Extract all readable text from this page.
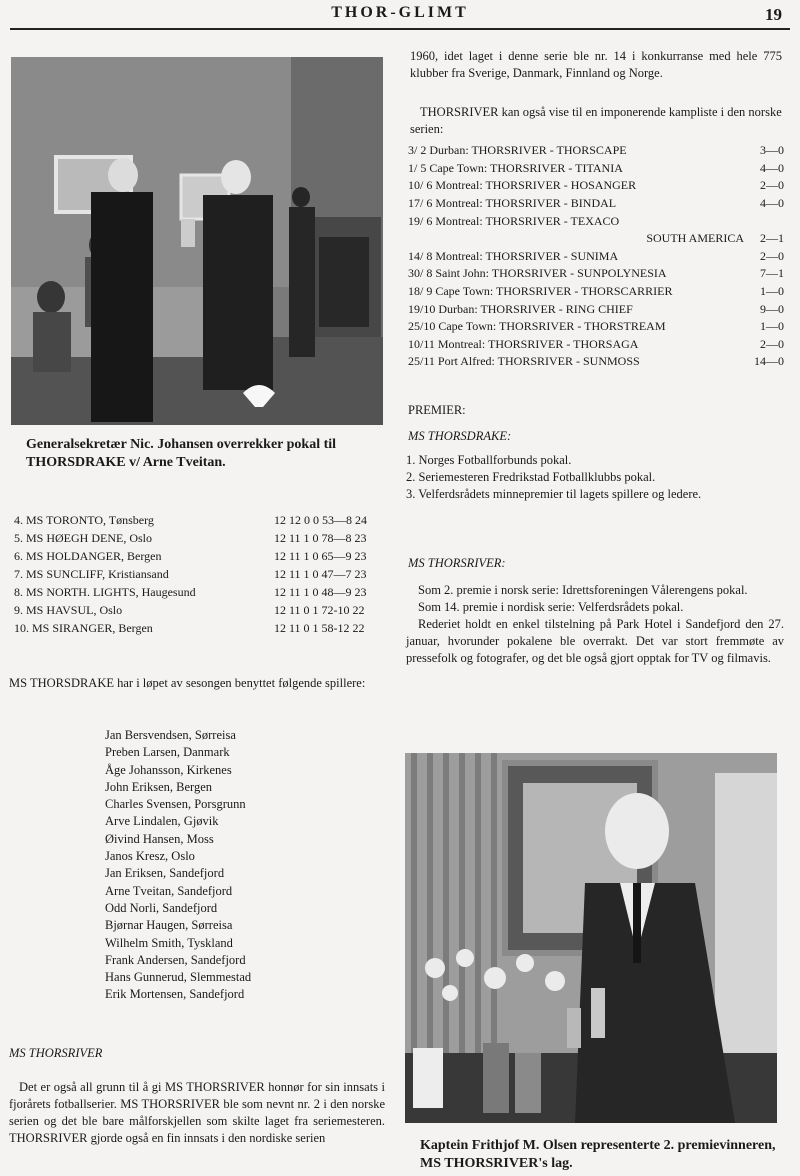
THOR-GLIMT	19
Generalsekretær Nic. Johansen overrekker pokal til THORSDRAKE v/ Arne Tveitan.
4. MS TORONTO, Tønsberg	12 12 0 0 53—8 24
5. MS HØEGH DENE, Oslo	12 11 1 0 78—8 23
6. MS HOLDANGER, Bergen	12 11 1 0 65—9 23
7. MS SUNCLIFF, Kristiansand	12 11 1 0 47—7 23
8. MS NORTH. LIGHTS, Haugesund	12 11 1 0 48—9 23
9. MS HAVSUL, Oslo	12 11 0 1 72-10 22
10. MS SIRANGER, Bergen	12 11 0 1 58-12 22
MS THORSDRAKE har i løpet av sesongen benyttet følgende spillere:
Jan Bersvendsen, Sørreisa
Preben Larsen, Danmark
Åge Johansson, Kirkenes
John Eriksen, Bergen
Charles Svensen, Porsgrunn
Arve Lindalen, Gjøvik
Øivind Hansen, Moss
Janos Kresz, Oslo
Jan Eriksen, Sandefjord
Arne Tveitan, Sandefjord
Odd Norli, Sandefjord
Bjørnar Haugen, Sørreisa
Wilhelm Smith, Tyskland
Frank Andersen, Sandefjord
Hans Gunnerud, Slemmestad
Erik Mortensen, Sandefjord
MS THORSRIVER
Det er også all grunn til å gi MS THORSRIVER honnør for sin innsats i fjorårets fotballserier. MS THORSRIVER ble som nevnt nr. 2 i den norske serien og det ble bare målforskjellen som skilte laget fra seriemesteren. THORSRIVER gjorde også en fin innsats i den nordiske serien
1960, idet laget i denne serie ble nr. 14 i konkurranse med hele 775 klubber fra Sverige, Danmark, Finnland og Norge.
THORSRIVER kan også vise til en imponerende kampliste i den norske serien:
3/ 2 Durban: THORSRIVER - THORSCAPE	3—0
1/ 5 Cape Town: THORSRIVER - TITANIA	4—0
10/ 6 Montreal: THORSRIVER - HOSANGER	2—0
17/ 6 Montreal: THORSRIVER - BINDAL	4—0
19/ 6 Montreal: THORSRIVER - TEXACO	
SOUTH AMERICA	2—1
14/ 8 Montreal: THORSRIVER - SUNIMA	2—0
30/ 8 Saint John: THORSRIVER - SUNPOLYNESIA	7—1
18/ 9 Cape Town: THORSRIVER - THORSCARRIER	1—0
19/10 Durban: THORSRIVER - RING CHIEF	9—0
25/10 Cape Town: THORSRIVER - THORSTREAM	1—0
10/11 Montreal: THORSRIVER - THORSAGA	2—0
25/11 Port Alfred: THORSRIVER - SUNMOSS	14—0
PREMIER:
MS THORSDRAKE:
1. Norges Fotballforbunds pokal.
2. Seriemesteren Fredrikstad Fotballklubbs pokal.
3. Velferdsrådets minnepremier til lagets spillere og ledere.
MS THORSRIVER:

Som 2. premie i norsk serie: Idrettsforeningen Vålerengens pokal.

Som 14. premie i nordisk serie: Velferdsrådets pokal.

Rederiet holdt en enkel tilstelning på Park Hotel i Sandefjord den 27. januar, hvorunder pokalene ble overrakt. Det var stort fremmøte av pressefolk og fotografer, og det ble også gjort opptak for TV og filmavis.

Kaptein Frithjof M. Olsen representerte 2. premievinneren, MS THORSRIVER's lag.
